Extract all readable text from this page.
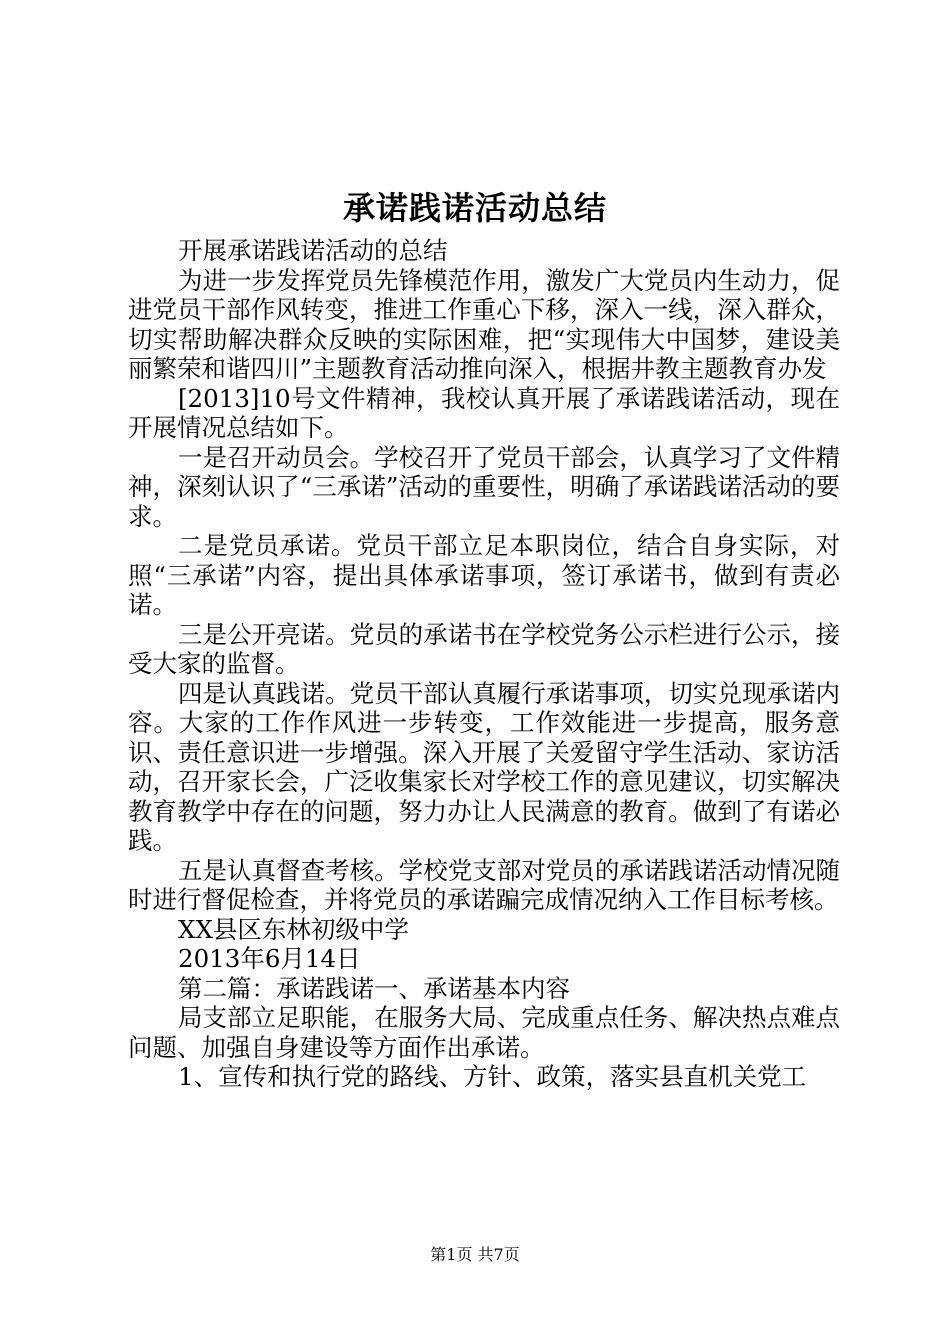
承诺践诺活动总结

开展承诺践诺活动的总结

为进一步发挥党员先锋模范作用，激发广大党员内生动力，促进党员干部作风转变，推进工作重心下移，深入一线，深入群众，切实帮助解决群众反映的实际困难，把“实现伟大中国梦，建设美丽繁荣和谐四川”主题教育活动推向深入，根据井教主题教育办发

[2013]10号文件精神，我校认真开展了承诺践诺活动，现在开展情况总结如下。

一是召开动员会。学校召开了党员干部会，认真学习了文件精神，深刻认识了“三承诺”活动的重要性，明确了承诺践诺活动的要求。

二是党员承诺。党员干部立足本职岗位，结合自身实际，对照“三承诺”内容，提出具体承诺事项，签订承诺书，做到有责必诺。

三是公开亮诺。党员的承诺书在学校党务公示栏进行公示，接受大家的监督。

四是认真践诺。党员干部认真履行承诺事项，切实兑现承诺内容。大家的工作作风进一步转变，工作效能进一步提高，服务意识、责任意识进一步增强。深入开展了关爱留守学生活动、家访活动，召开家长会，广泛收集家长对学校工作的意见建议，切实解决教育教学中存在的问题，努力办让人民满意的教育。做到了有诺必践。

五是认真督查考核。学校党支部对党员的承诺践诺活动情况随时进行督促检查，并将党员的承诺蹁完成情况纳入工作目标考核。

XX县区东林初级中学

2013年6月14日

第二篇：承诺践诺一、承诺基本内容

局支部立足职能，在服务大局、完成重点任务、解决热点难点问题、加强自身建设等方面作出承诺。

1、宣传和执行党的路线、方针、政策，落实县直机关党工

第1页 共7页
